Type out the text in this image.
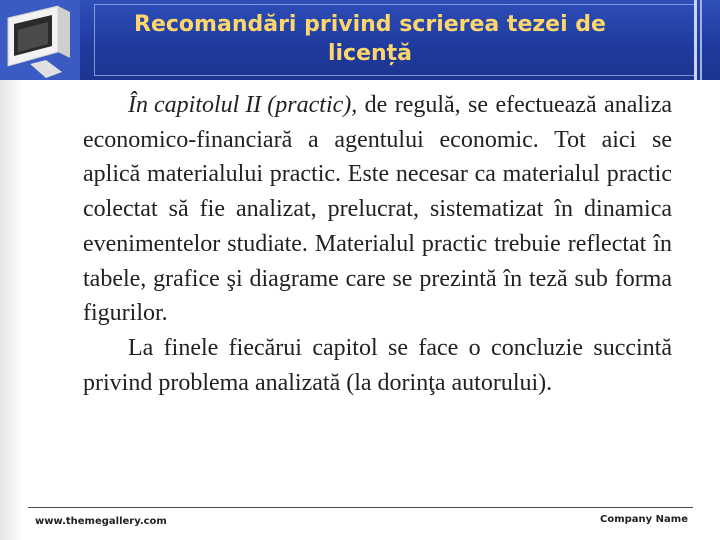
Recomandări privind scrierea tezei de
licență

În capitolul II (practic), de regulă, se efectuează analiza economico-financiară a agentului economic. Tot aici se aplică materialului practic. Este necesar ca materialul practic colectat să fie analizat, prelucrat, sistematizat în dinamica evenimentelor studiate. Materialul practic trebuie reflectat în tabele, grafice şi diagrame care se prezintă în teză sub forma figurilor.

La finele fiecărui capitol se face o concluzie succintă privind problema analizată (la dorinţa autorului).

www.themegallery.com	Company Name
